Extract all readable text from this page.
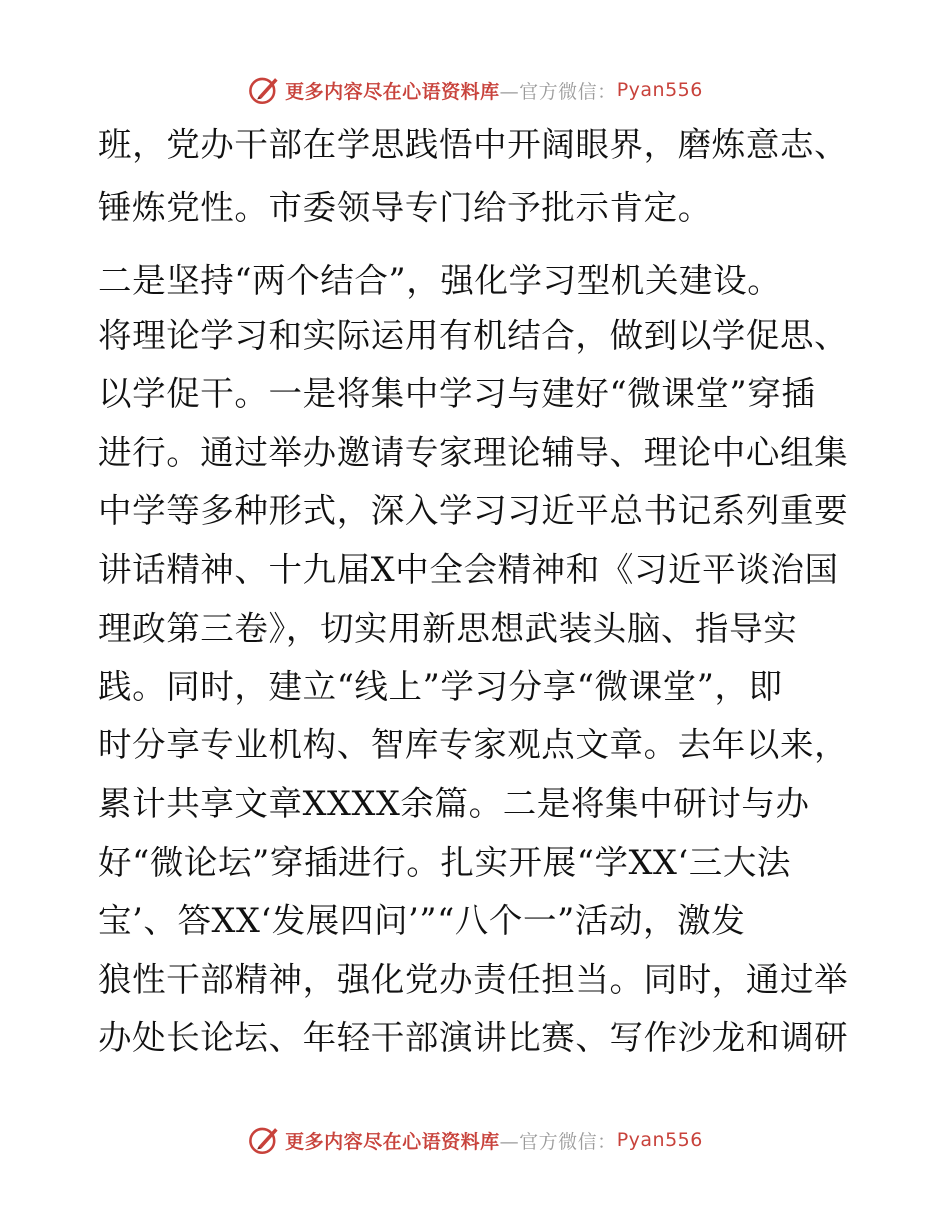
更多内容尽在心语资料库 —官方微信： Pyan556
班，党办干部在学思践悟中开阔眼界，磨炼意志、
锤炼党性。市委领导专门给予批示肯定。
二是坚持“两个结合”，强化学习型机关建设。
将理论学习和实际运用有机结合，做到以学促思、
以学促干。一是将集中学习与建好“微课堂”穿插
进行。通过举办邀请专家理论辅导、理论中心组集
中学等多种形式，深入学习习近平总书记系列重要
讲话精神、十九届X中全会精神和《习近平谈治国
理政第三卷》，切实用新思想武装头脑、指导实
践。同时，建立“线上”学习分享“微课堂”，即
时分享专业机构、智库专家观点文章。去年以来，
累计共享文章XXXX余篇。二是将集中研讨与办
好“微论坛”穿插进行。扎实开展“学XX‘三大法
宝’、答XX‘发展四问’”“八个一”活动，激发
狼性干部精神，强化党办责任担当。同时，通过举
办处长论坛、年轻干部演讲比赛、写作沙龙和调研
更多内容尽在心语资料库 —官方微信： Pyan556
